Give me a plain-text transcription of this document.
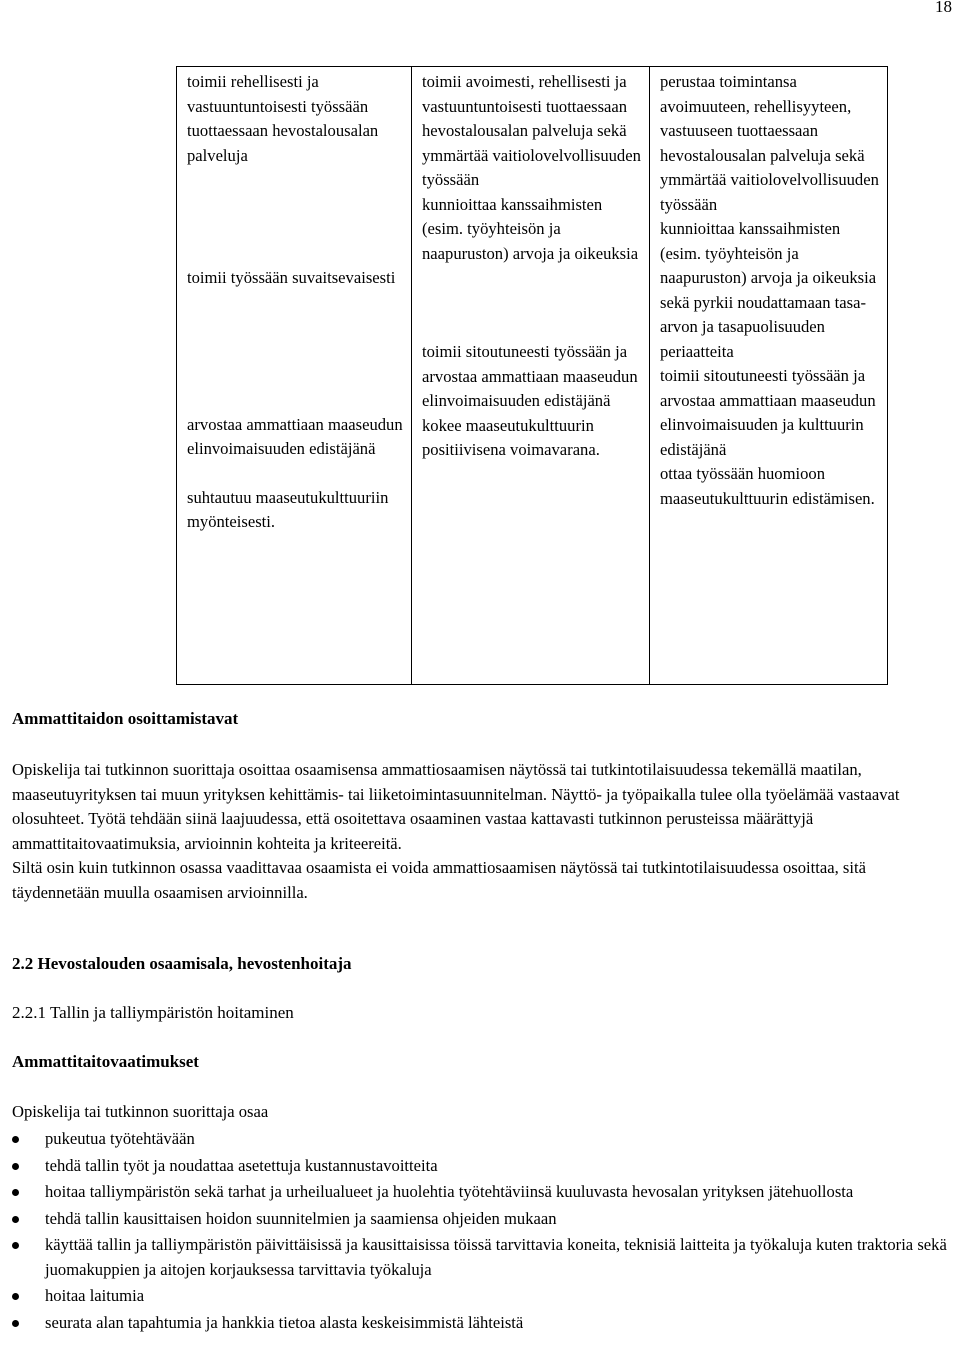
18
toimii rehellisesti ja vastuuntuntoisesti työssään tuottaessaan hevostalousalan palveluja
toimii työssään suvaitsevaisesti
arvostaa ammattiaan maaseudun elinvoimaisuuden edistäjänä
suhtautuu maaseutukulttuuriin myönteisesti.

toimii avoimesti, rehellisesti ja vastuuntuntoisesti tuottaessaan hevostalousalan palveluja sekä ymmärtää vaitiolovelvollisuuden työssään
kunnioittaa kanssaihmisten (esim. työyhteisön ja naapuruston) arvoja ja oikeuksia
toimii sitoutuneesti työssään ja arvostaa ammattiaan maaseudun elinvoimaisuuden edistäjänä
kokee maaseutukulttuurin positiivisena voimavarana.

perustaa toimintansa avoimuuteen, rehellisyyteen, vastuuseen tuottaessaan hevostalousalan palveluja sekä ymmärtää vaitiolovelvollisuuden työssään
kunnioittaa kanssaihmisten (esim. työyhteisön ja naapuruston) arvoja ja oikeuksia sekä pyrkii noudattamaan tasa-arvon ja tasapuolisuuden periaatteita
toimii sitoutuneesti työssään ja arvostaa ammattiaan maaseudun elinvoimaisuuden ja kulttuurin edistäjänä
ottaa työssään huomioon maaseutukulttuurin edistämisen.
Ammattitaidon osoittamistavat
Opiskelija tai tutkinnon suorittaja osoittaa osaamisensa ammattiosaamisen näytössä tai tutkintotilaisuudessa tekemällä maatilan, maaseutuyrityksen tai muun yrityksen kehittämis- tai liiketoimintasuunnitelman. Näyttö- ja työpaikalla tulee olla työelämää vastaavat olosuhteet. Työtä tehdään siinä laajuudessa, että osoitettava osaaminen vastaa kattavasti tutkinnon perusteissa määrättyjä ammattitaitovaatimuksia, arvioinnin kohteita ja kriteereitä.
Siltä osin kuin tutkinnon osassa vaadittavaa osaamista ei voida ammattiosaamisen näytössä tai tutkintotilaisuudessa osoittaa, sitä täydennetään muulla osaamisen arvioinnilla.
2.2 Hevostalouden osaamisala, hevostenhoitaja
2.2.1 Tallin ja talliympäristön hoitaminen
Ammattitaitovaatimukset
Opiskelija tai tutkinnon suorittaja osaa
pukeutua työtehtävään
tehdä tallin työt ja noudattaa asetettuja kustannustavoitteita
hoitaa talliympäristön sekä tarhat ja urheilualueet ja huolehtia työtehtäviinsä kuuluvasta hevosalan yrityksen jätehuollosta
tehdä tallin kausittaisen hoidon suunnitelmien ja saamiensa ohjeiden mukaan
käyttää tallin ja talliympäristön päivittäisissä ja kausittaisissa töissä tarvittavia koneita, teknisiä laitteita ja työkaluja kuten traktoria sekä juomakuppien ja aitojen korjauksessa tarvittavia työkaluja
hoitaa laitumia
seurata alan tapahtumia ja hankkia tietoa alasta keskeisimmistä lähteistä
